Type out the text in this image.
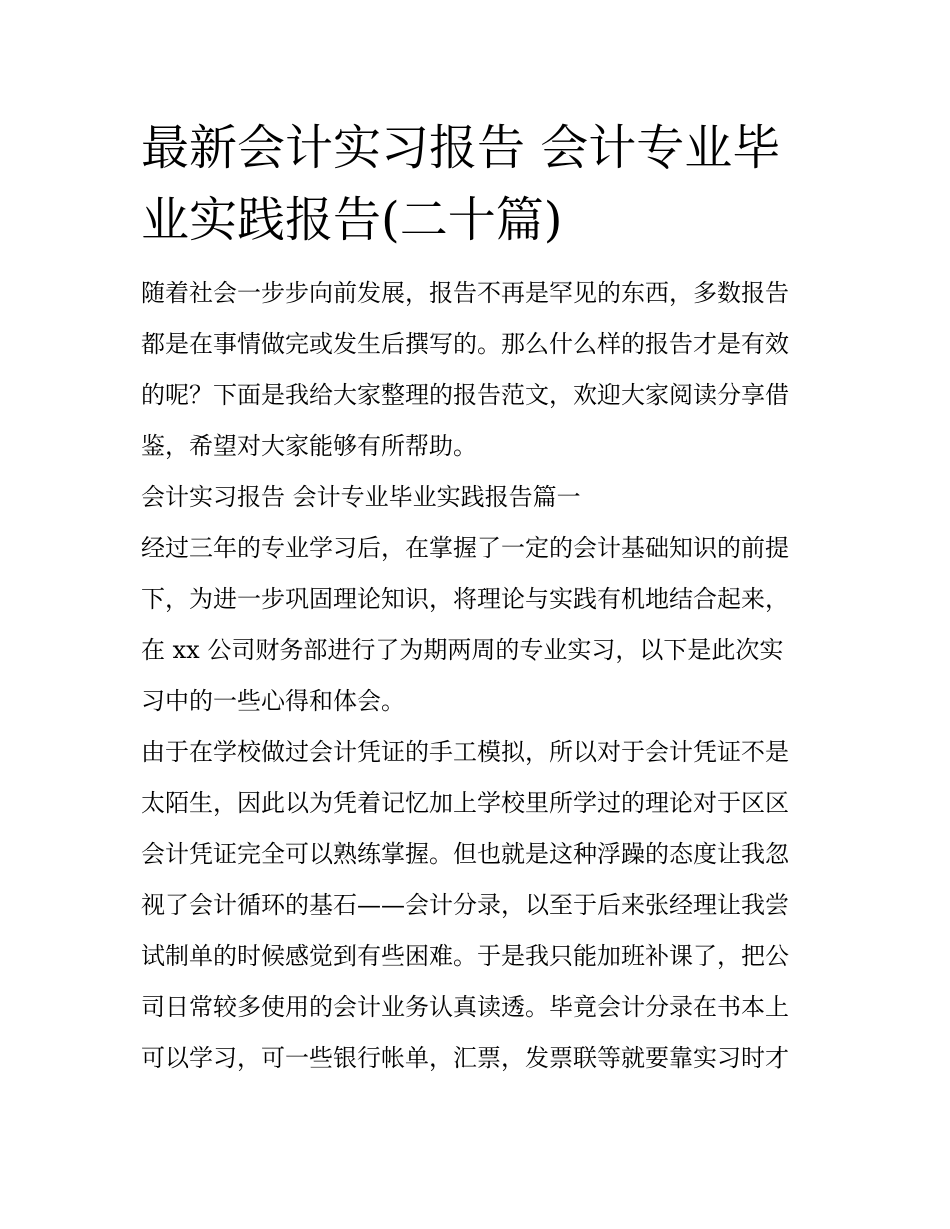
最新会计实习报告 会计专业毕
业实践报告(二十篇)
随着社会一步步向前发展，报告不再是罕见的东西，多数报告
都是在事情做完或发生后撰写的。那么什么样的报告才是有效
的呢？下面是我给大家整理的报告范文，欢迎大家阅读分享借
鉴，希望对大家能够有所帮助。
会计实习报告 会计专业毕业实践报告篇一
经过三年的专业学习后，在掌握了一定的会计基础知识的前提
下，为进一步巩固理论知识，将理论与实践有机地结合起来，
在 xx 公司财务部进行了为期两周的专业实习，以下是此次实
习中的一些心得和体会。
由于在学校做过会计凭证的手工模拟，所以对于会计凭证不是
太陌生，因此以为凭着记忆加上学校里所学过的理论对于区区
会计凭证完全可以熟练掌握。但也就是这种浮躁的态度让我忽
视了会计循环的基石——会计分录，以至于后来张经理让我尝
试制单的时候感觉到有些困难。于是我只能加班补课了，把公
司日常较多使用的会计业务认真读透。毕竟会计分录在书本上
可以学习，可一些银行帐单，汇票，发票联等就要靠实习时才
